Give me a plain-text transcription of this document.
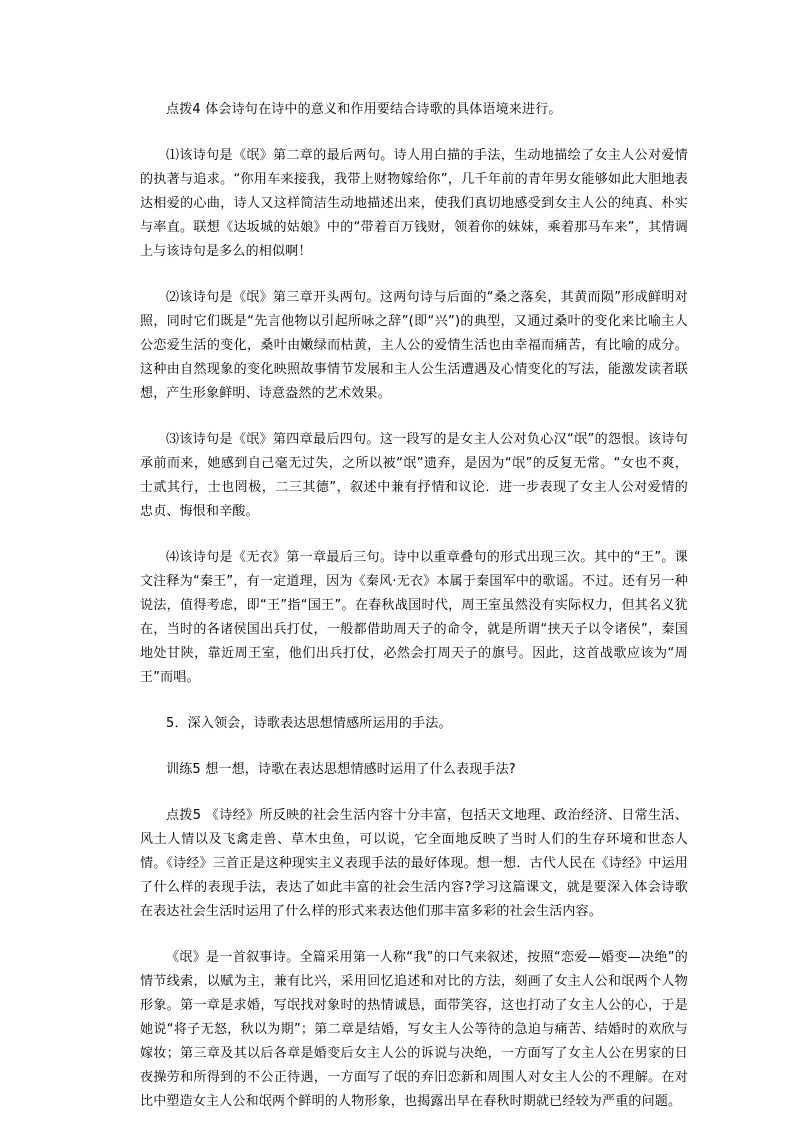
点拨4 体会诗句在诗中的意义和作用要结合诗歌的具体语境来进行。

⑴该诗句是《氓》第二章的最后两句。诗人用白描的手法，生动地描绘了女主人公对爱情的执著与追求。“你用车来接我，我带上财物嫁给你”，几千年前的青年男女能够如此大胆地表达相爱的心曲，诗人又这样简洁生动地描述出来，使我们真切地感受到女主人公的纯真、朴实与率直。联想《达坂城的姑娘》中的“带着百万钱财，领着你的妹妹，乘着那马车来”，其情调上与该诗句是多么的相似啊！

⑵该诗句是《氓》第三章开头两句。这两句诗与后面的“桑之落矣，其黄而陨”形成鲜明对照，同时它们既是“先言他物以引起所咏之辞”(即“兴”)的典型，又通过桑叶的变化来比喻主人公恋爱生活的变化，桑叶由嫩绿而枯黄，主人公的爱情生活也由幸福而痛苦，有比喻的成分。这种由自然现象的变化映照故事情节发展和主人公生活遭遇及心情变化的写法，能激发读者联想，产生形象鲜明、诗意盎然的艺术效果。

⑶该诗句是《氓》第四章最后四句。这一段写的是女主人公对负心汉“氓”的怨恨。该诗句承前而来，她感到自己毫无过失，之所以被“氓”遗弃，是因为“氓”的反复无常。“女也不爽，士贰其行，士也罔极，二三其德”，叙述中兼有抒情和议论．进一步表现了女主人公对爱情的忠贞、悔恨和辛酸。

⑷该诗句是《无衣》第一章最后三句。诗中以重章叠句的形式出现三次。其中的“王”。课文注释为“秦王”，有一定道理，因为《秦风·无衣》本属于秦国军中的歌谣。不过。还有另一种说法，值得考虑，即“王”指“国王”。在春秋战国时代，周王室虽然没有实际权力，但其名义犹在，当时的各诸侯国出兵打仗，一般都借助周天子的命令，就是所谓“挟天子以令诸侯”，秦国地处甘陕，靠近周王室，他们出兵打仗，必然会打周天子的旗号。因此，这首战歌应该为“周王”而唱。

5．深入领会，诗歌表达思想情感所运用的手法。

训练5 想一想，诗歌在表达思想情感时运用了什么表现手法?

点拨5 《诗经》所反映的社会生活内容十分丰富，包括天文地理、政治经济、日常生活、风土人情以及飞禽走兽、草木虫鱼，可以说，它全面地反映了当时人们的生存环境和世态人情。《诗经》三首正是这种现实主义表现手法的最好体现。想一想．古代人民在《诗经》中运用了什么样的表现手法，表达了如此丰富的社会生活内容?学习这篇课文，就是要深入体会诗歌在表达社会生活时运用了什么样的形式来表达他们那丰富多彩的社会生活内容。

《氓》是一首叙事诗。全篇采用第一人称“我”的口气来叙述，按照“恋爱—婚变—决绝”的情节线索，以赋为主，兼有比兴，采用回忆追述和对比的方法，刻画了女主人公和氓两个人物形象。第一章是求婚，写氓找对象时的热情诚恳，面带笑容，这也打动了女主人公的心，于是她说“将子无怒，秋以为期”；第二章是结婚，写女主人公等待的急迫与痛苦、结婚时的欢欣与嫁妆；第三章及其以后各章是婚变后女主人公的诉说与决绝，一方面写了女主人公在男家的日夜操劳和所得到的不公正待遇，一方面写了氓的弃旧恋新和周围人对女主人公的不理解。在对比中塑造女主人公和氓两个鲜明的人物形象，也揭露出早在春秋时期就已经较为严重的问题。
